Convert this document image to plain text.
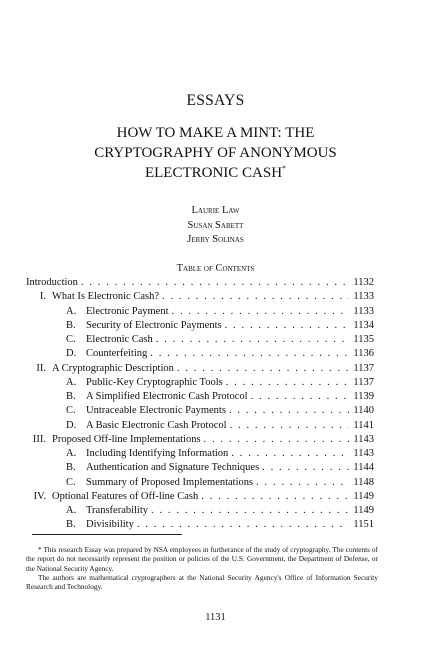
ESSAYS
HOW TO MAKE A MINT: THE
CRYPTOGRAPHY OF ANONYMOUS
ELECTRONIC CASH*
Laurie Law
Susan Sabett
Jerry Solinas
Table of Contents
Introduction . . .	1132
I. What Is Electronic Cash? . . .	1133
A. Electronic Payment . . .	1133
B. Security of Electronic Payments . . .	1134
C. Electronic Cash . . .	1135
D. Counterfeiting . . .	1136
II. A Cryptographic Description . . .	1137
A. Public-Key Cryptographic Tools . . .	1137
B. A Simplified Electronic Cash Protocol . . .	1139
C. Untraceable Electronic Payments . . .	1140
D. A Basic Electronic Cash Protocol . . .	1141
III. Proposed Off-line Implementations . . .	1143
A. Including Identifying Information . . .	1143
B. Authentication and Signature Techniques . . .	1144
C. Summary of Proposed Implementations . . .	1148
IV. Optional Features of Off-line Cash . . .	1149
A. Transferability . . .	1149
B. Divisibility . . .	1151

* This research Essay was prepared by NSA employees in furtherance of the study of cryptography. The contents of the report do not necessarily represent the position or policies of the U.S. Government, the Department of Defense, or the National Security Agency.

The authors are mathematical cryptographers at the National Security Agency's Office of Information Security Research and Technology.

1131
